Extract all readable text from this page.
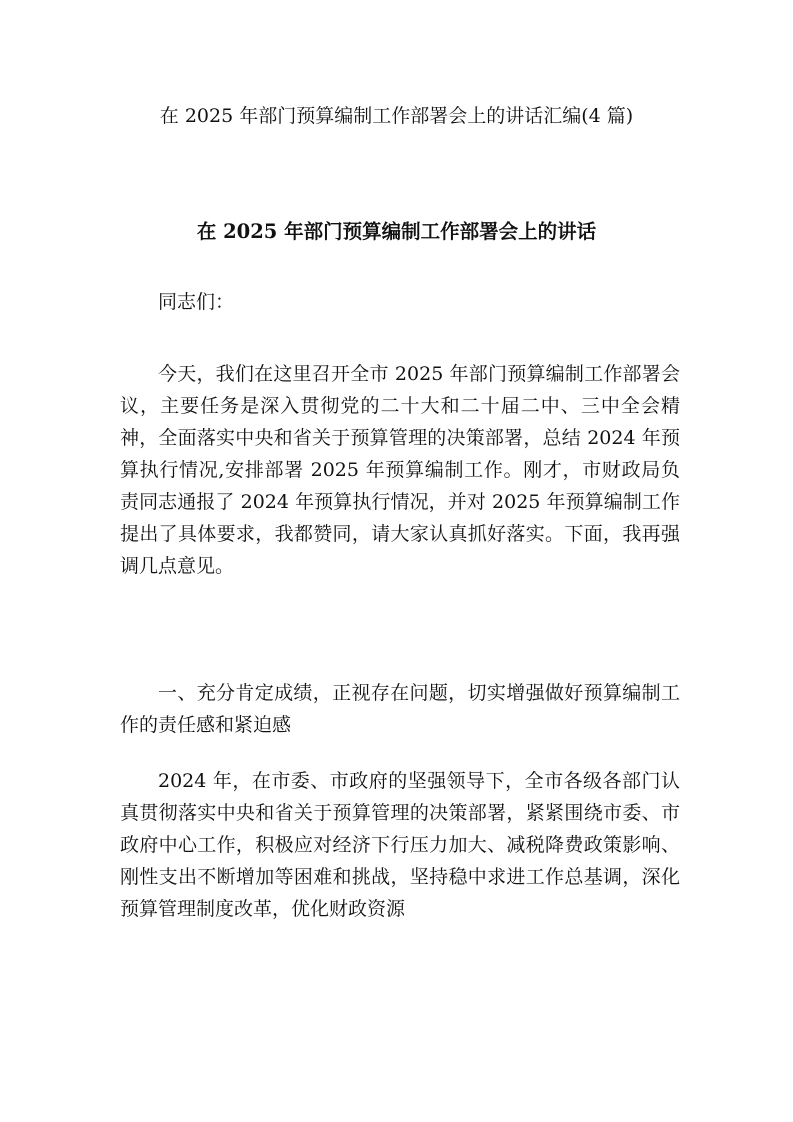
在 2025 年部门预算编制工作部署会上的讲话汇编(4 篇)
在 2025 年部门预算编制工作部署会上的讲话
同志们：
今天，我们在这里召开全市 2025 年部门预算编制工作部署会议，主要任务是深入贯彻党的二十大和二十届二中、三中全会精神，全面落实中央和省关于预算管理的决策部署，总结 2024 年预算执行情况,安排部署 2025 年预算编制工作。刚才，市财政局负责同志通报了 2024 年预算执行情况，并对 2025 年预算编制工作提出了具体要求，我都赞同，请大家认真抓好落实。下面，我再强调几点意见。
一、充分肯定成绩，正视存在问题，切实增强做好预算编制工作的责任感和紧迫感
2024 年，在市委、市政府的坚强领导下，全市各级各部门认真贯彻落实中央和省关于预算管理的决策部署，紧紧围绕市委、市政府中心工作，积极应对经济下行压力加大、减税降费政策影响、刚性支出不断增加等困难和挑战，坚持稳中求进工作总基调，深化预算管理制度改革，优化财政资源
